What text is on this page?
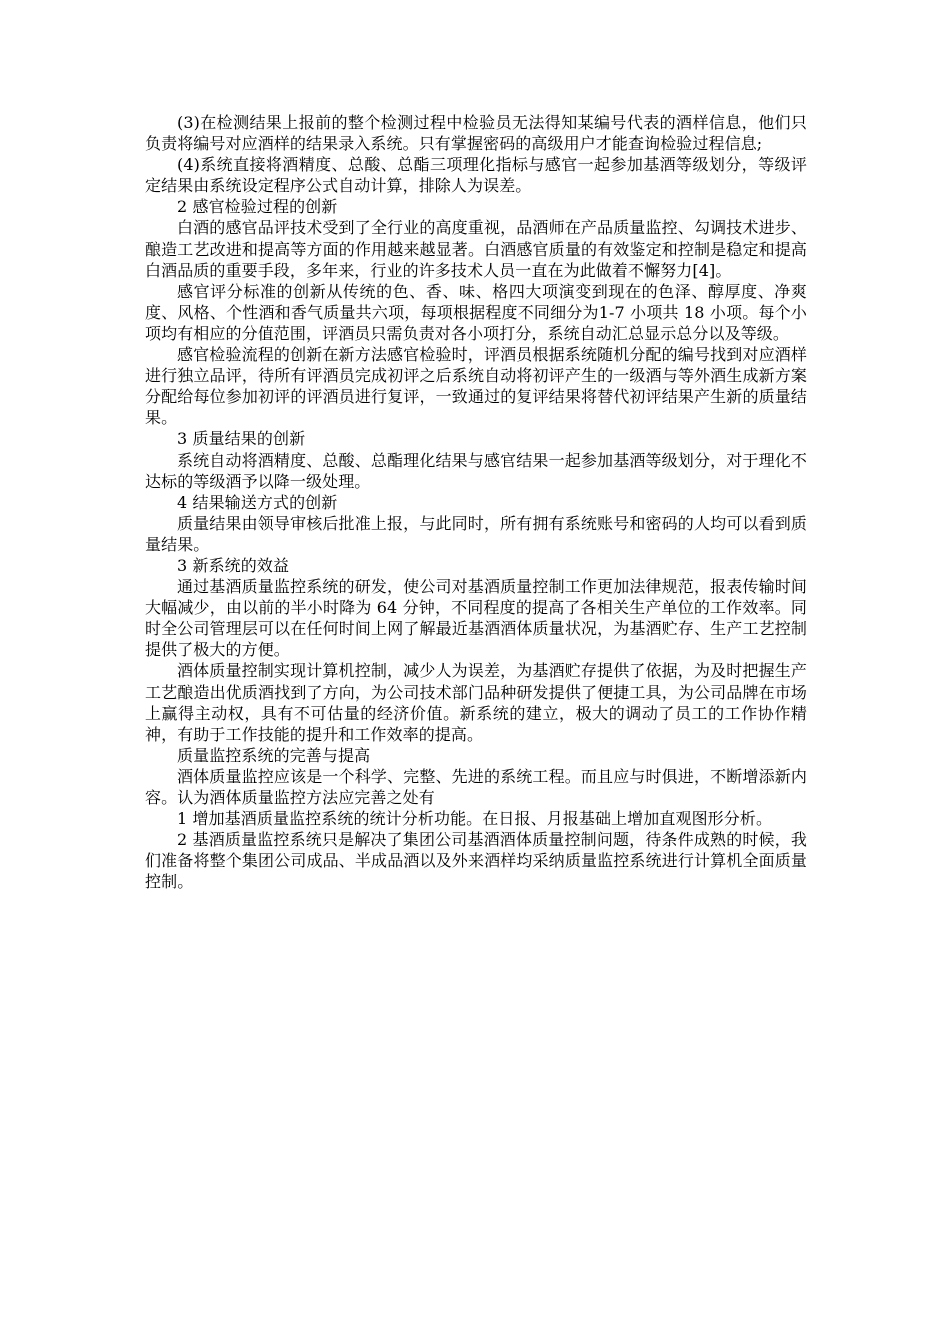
(3)在检测结果上报前的整个检测过程中检验员无法得知某编号代表的酒样信息，他们只负责将编号对应酒样的结果录入系统。只有掌握密码的高级用户才能查询检验过程信息;

(4)系统直接将酒精度、总酸、总酯三项理化指标与感官一起参加基酒等级划分，等级评定结果由系统设定程序公式自动计算，排除人为误差。

2 感官检验过程的创新

白酒的感官品评技术受到了全行业的高度重视，品酒师在产品质量监控、勾调技术进步、酿造工艺改进和提高等方面的作用越来越显著。白酒感官质量的有效鉴定和控制是稳定和提高白酒品质的重要手段，多年来，行业的许多技术人员一直在为此做着不懈努力[4]。

感官评分标准的创新从传统的色、香、味、格四大项演变到现在的色泽、醇厚度、净爽度、风格、个性酒和香气质量共六项，每项根据程度不同细分为1-7 小项共 18 小项。每个小项均有相应的分值范围，评酒员只需负责对各小项打分，系统自动汇总显示总分以及等级。

感官检验流程的创新在新方法感官检验时，评酒员根据系统随机分配的编号找到对应酒样进行独立品评，待所有评酒员完成初评之后系统自动将初评产生的一级酒与等外酒生成新方案分配给每位参加初评的评酒员进行复评，一致通过的复评结果将替代初评结果产生新的质量结果。

3 质量结果的创新

系统自动将酒精度、总酸、总酯理化结果与感官结果一起参加基酒等级划分，对于理化不达标的等级酒予以降一级处理。

4 结果输送方式的创新

质量结果由领导审核后批准上报，与此同时，所有拥有系统账号和密码的人均可以看到质量结果。

3 新系统的效益

通过基酒质量监控系统的研发，使公司对基酒质量控制工作更加法律规范，报表传输时间大幅减少，由以前的半小时降为 64 分钟，不同程度的提高了各相关生产单位的工作效率。同时全公司管理层可以在任何时间上网了解最近基酒酒体质量状况，为基酒贮存、生产工艺控制提供了极大的方便。

酒体质量控制实现计算机控制，减少人为误差，为基酒贮存提供了依据，为及时把握生产工艺酿造出优质酒找到了方向，为公司技术部门品种研发提供了便捷工具，为公司品牌在市场上赢得主动权，具有不可估量的经济价值。新系统的建立，极大的调动了员工的工作协作精神，有助于工作技能的提升和工作效率的提高。

质量监控系统的完善与提高

酒体质量监控应该是一个科学、完整、先进的系统工程。而且应与时俱进，不断增添新内容。认为酒体质量监控方法应完善之处有

1 增加基酒质量监控系统的统计分析功能。在日报、月报基础上增加直观图形分析。

2 基酒质量监控系统只是解决了集团公司基酒酒体质量控制问题，待条件成熟的时候，我们准备将整个集团公司成品、半成品酒以及外来酒样均采纳质量监控系统进行计算机全面质量控制。
